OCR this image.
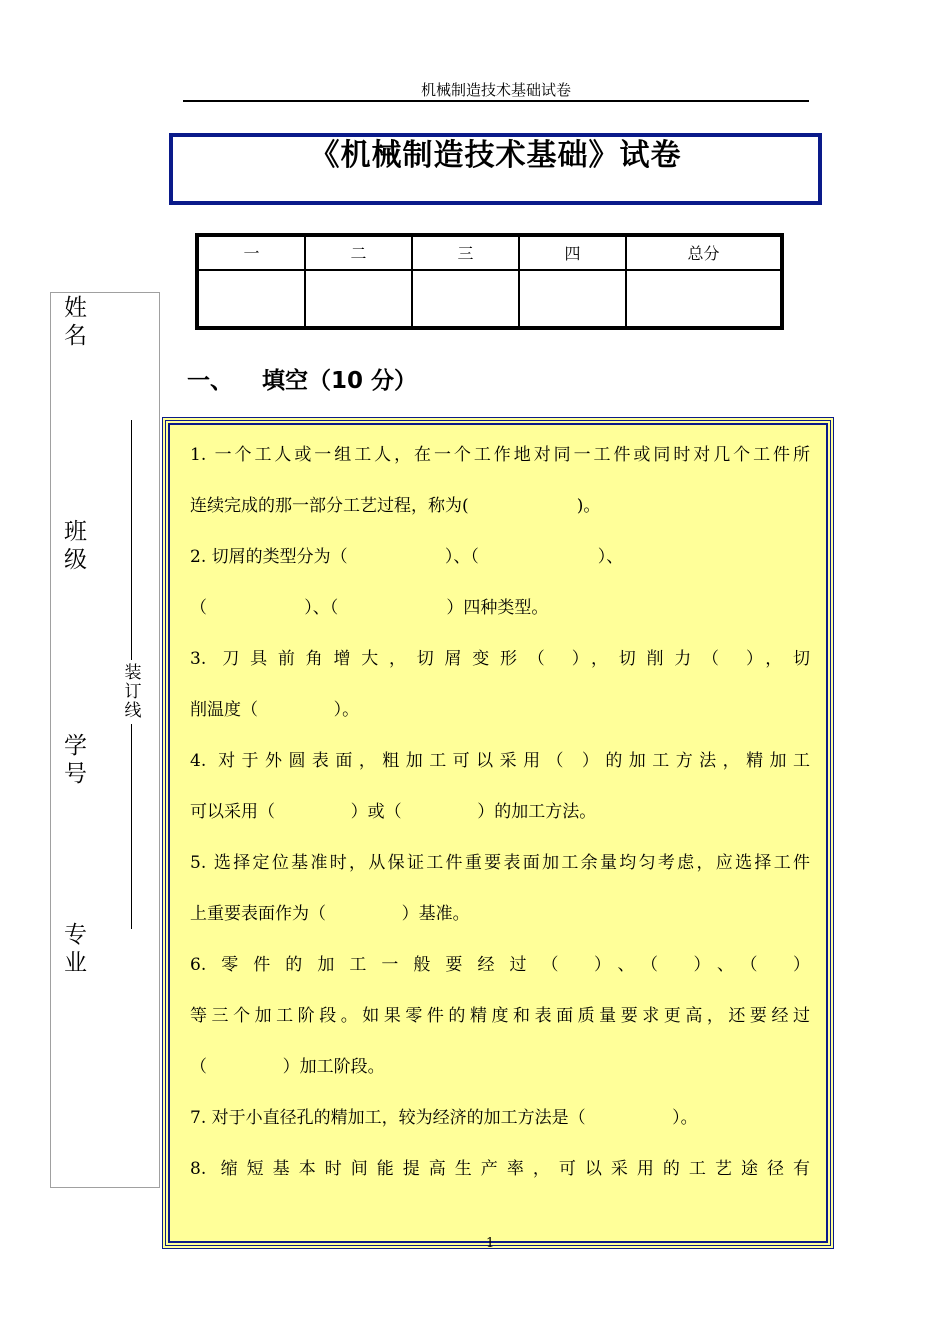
机械制造技术基础试卷
《机械制造技术基础》试卷
一	二	三	四	总分

姓名
班级
学号
专业
装订线
一、 填空（10 分）
1. 一个工人或一组工人，在一个工作地对同一工件或同时对几个工件所
连续完成的那一部分工艺过程，称为(                    )。
2. 切屑的类型分为（                  ）、（                      ）、
（                  ）、（                    ）四种类型。
3. 刀具前角增大，切屑变形（ ），切削力（ ），切
削温度（              ）。
4. 对于外圆表面，粗加工可以采用（ ）的加工方法，精加工
可以采用（              ）或（              ）的加工方法。
5. 选择定位基准时，从保证工件重要表面加工余量均匀考虑，应选择工件
上重要表面作为（              ）基准。
6.零件的加工一般要经过（ ）、（ ）、（ ）
等三个加工阶段。如果零件的精度和表面质量要求更高，还要经过
（              ）加工阶段。
7. 对于小直径孔的精加工，较为经济的加工方法是（                ）。
8. 缩短基本时间能提高生产率，可以采用的工艺途径有
1
